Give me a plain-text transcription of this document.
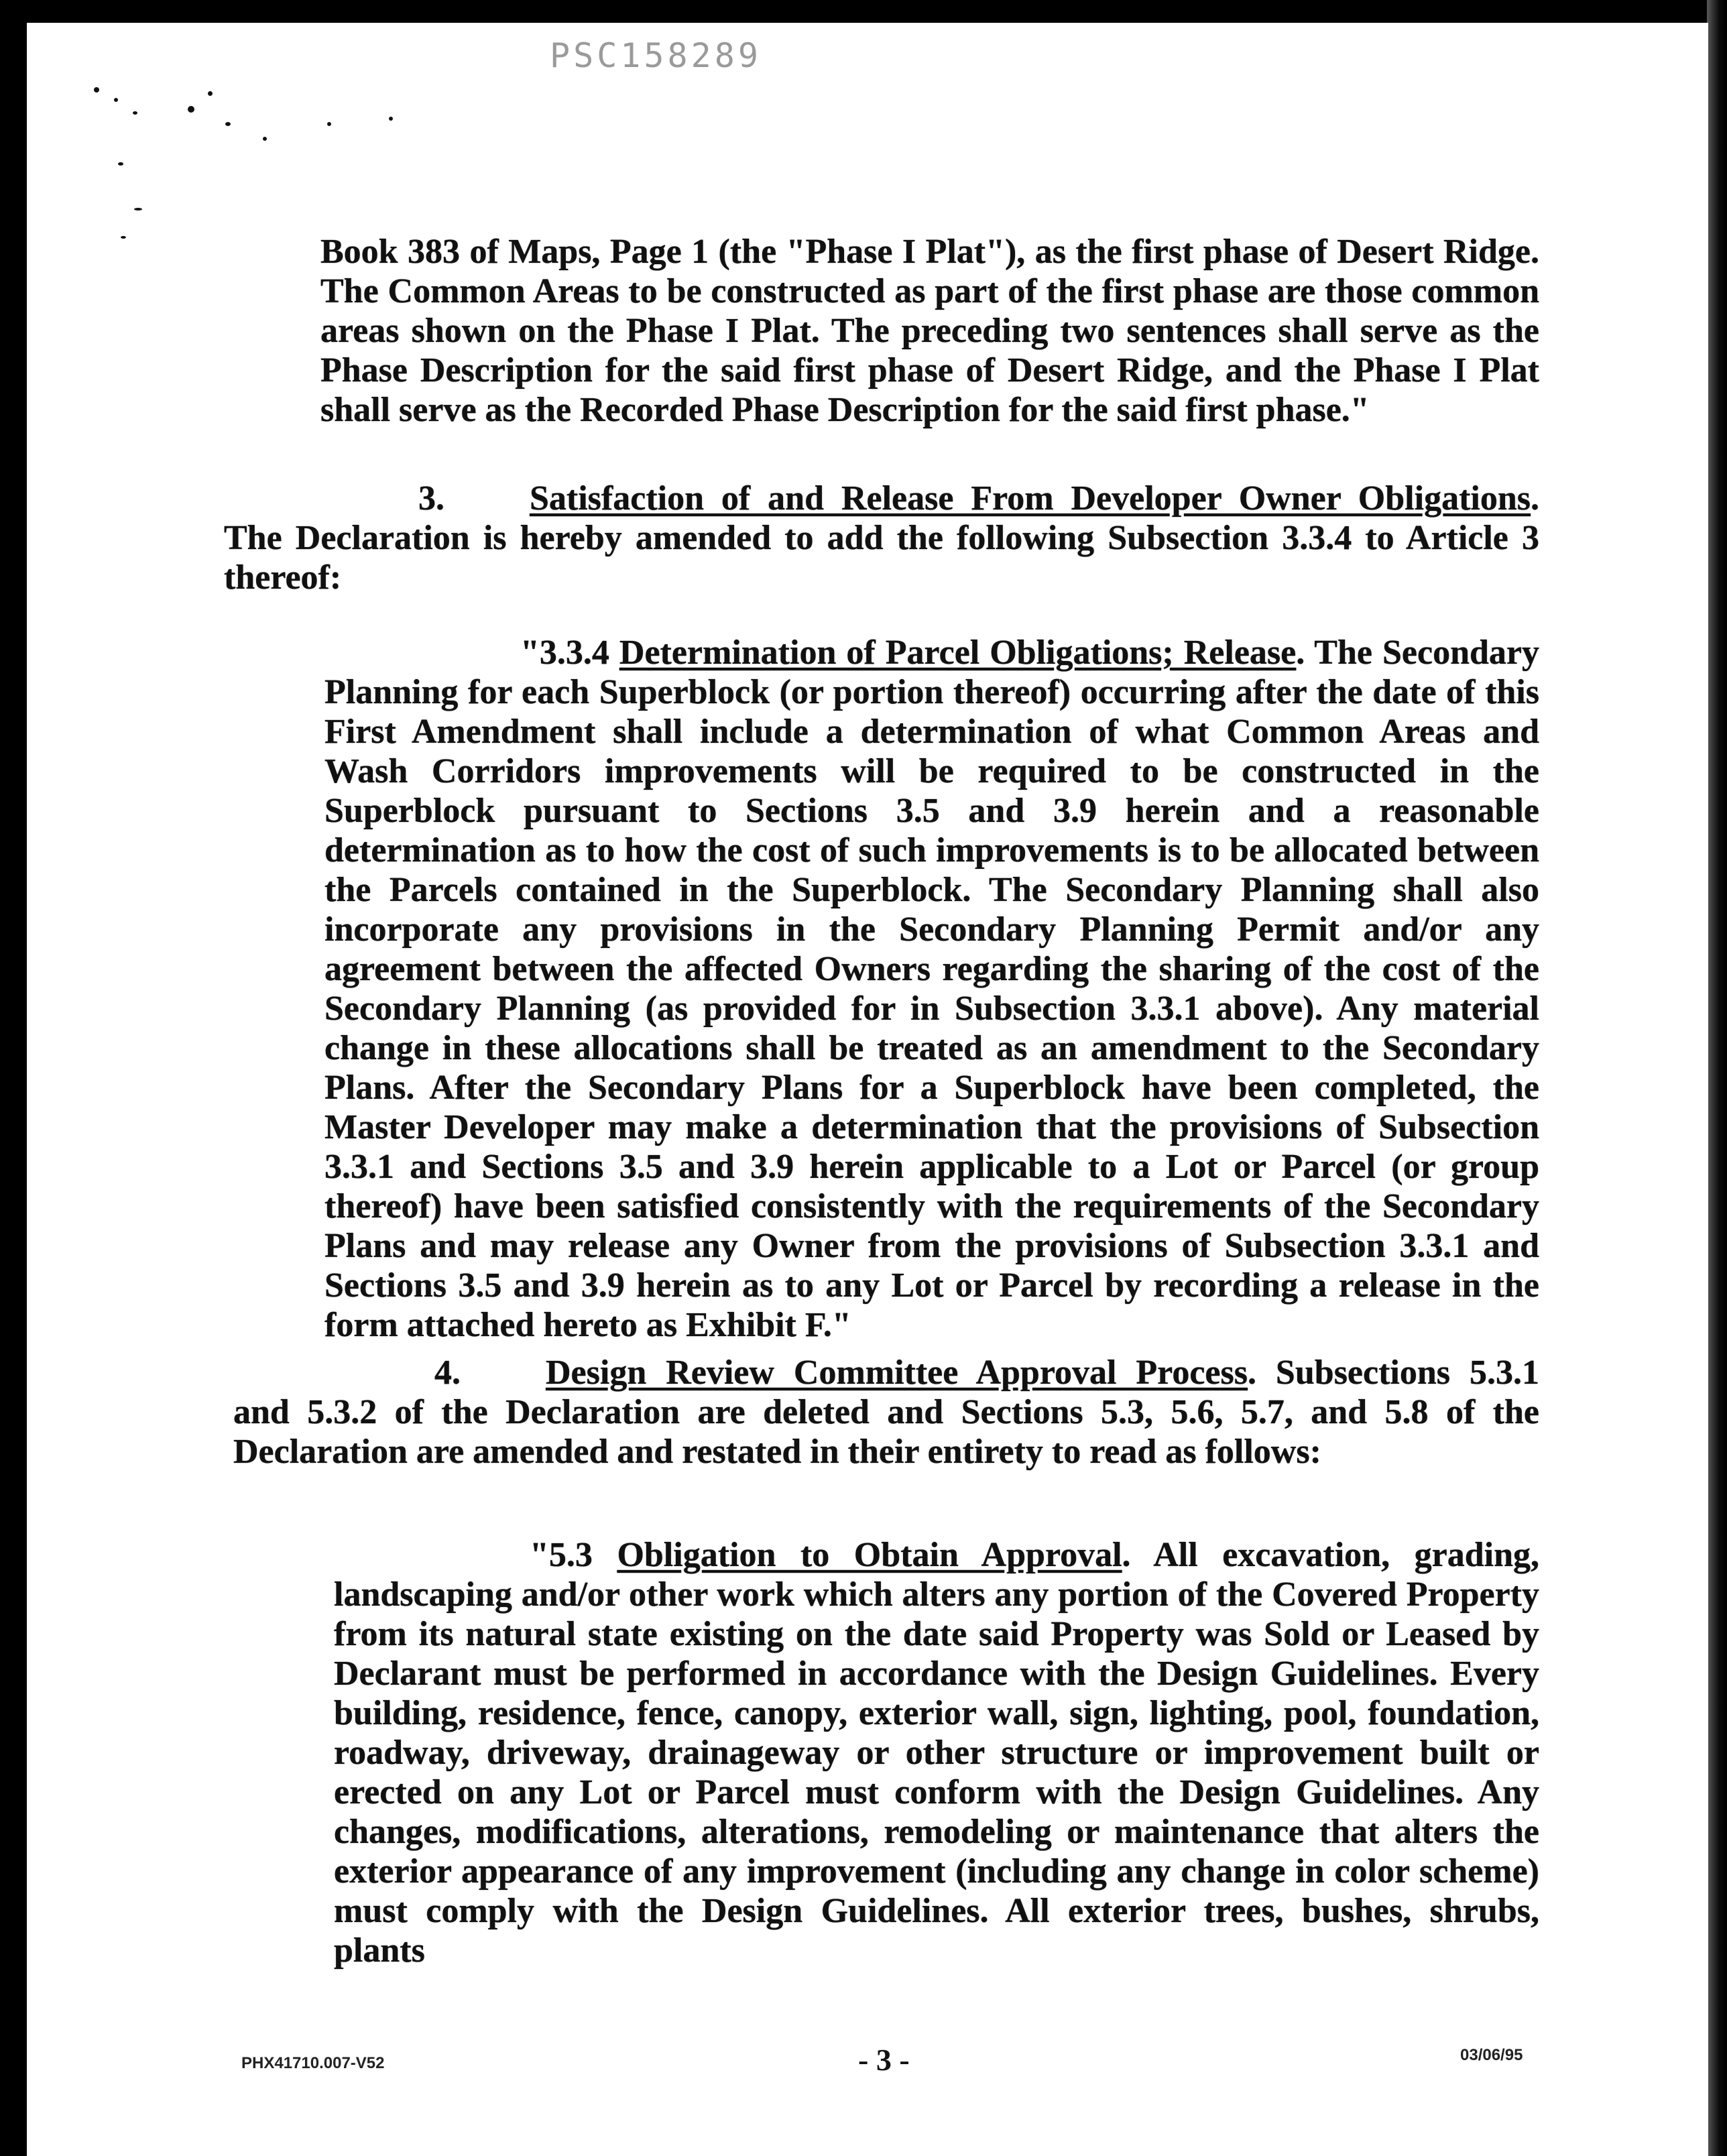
PSC158289

Book 383 of Maps, Page 1 (the "Phase I Plat"), as the first phase of Desert Ridge. The Common Areas to be constructed as part of the first phase are those common areas shown on the Phase I Plat. The preceding two sentences shall serve as the Phase Description for the said first phase of Desert Ridge, and the Phase I Plat shall serve as the Recorded Phase Description for the said first phase."

3. Satisfaction of and Release From Developer Owner Obligations. The Declaration is hereby amended to add the following Subsection 3.3.4 to Article 3 thereof:

"3.3.4 Determination of Parcel Obligations; Release. The Secondary Planning for each Superblock (or portion thereof) occurring after the date of this First Amendment shall include a determination of what Common Areas and Wash Corridors improvements will be required to be constructed in the Superblock pursuant to Sections 3.5 and 3.9 herein and a reasonable determination as to how the cost of such improvements is to be allocated between the Parcels contained in the Superblock. The Secondary Planning shall also incorporate any provisions in the Secondary Planning Permit and/or any agreement between the affected Owners regarding the sharing of the cost of the Secondary Planning (as provided for in Subsection 3.3.1 above). Any material change in these allocations shall be treated as an amendment to the Secondary Plans. After the Secondary Plans for a Superblock have been completed, the Master Developer may make a determination that the provisions of Subsection 3.3.1 and Sections 3.5 and 3.9 herein applicable to a Lot or Parcel (or group thereof) have been satisfied consistently with the requirements of the Secondary Plans and may release any Owner from the provisions of Subsection 3.3.1 and Sections 3.5 and 3.9 herein as to any Lot or Parcel by recording a release in the form attached hereto as Exhibit F."

4. Design Review Committee Approval Process. Subsections 5.3.1 and 5.3.2 of the Declaration are deleted and Sections 5.3, 5.6, 5.7, and 5.8 of the Declaration are amended and restated in their entirety to read as follows:

"5.3 Obligation to Obtain Approval. All excavation, grading, landscaping and/or other work which alters any portion of the Covered Property from its natural state existing on the date said Property was Sold or Leased by Declarant must be performed in accordance with the Design Guidelines. Every building, residence, fence, canopy, exterior wall, sign, lighting, pool, foundation, roadway, driveway, drainageway or other structure or improvement built or erected on any Lot or Parcel must conform with the Design Guidelines. Any changes, modifications, alterations, remodeling or maintenance that alters the exterior appearance of any improvement (including any change in color scheme) must comply with the Design Guidelines. All exterior trees, bushes, shrubs, plants

PHX41710.007-V52	- 3 -	03/06/95
